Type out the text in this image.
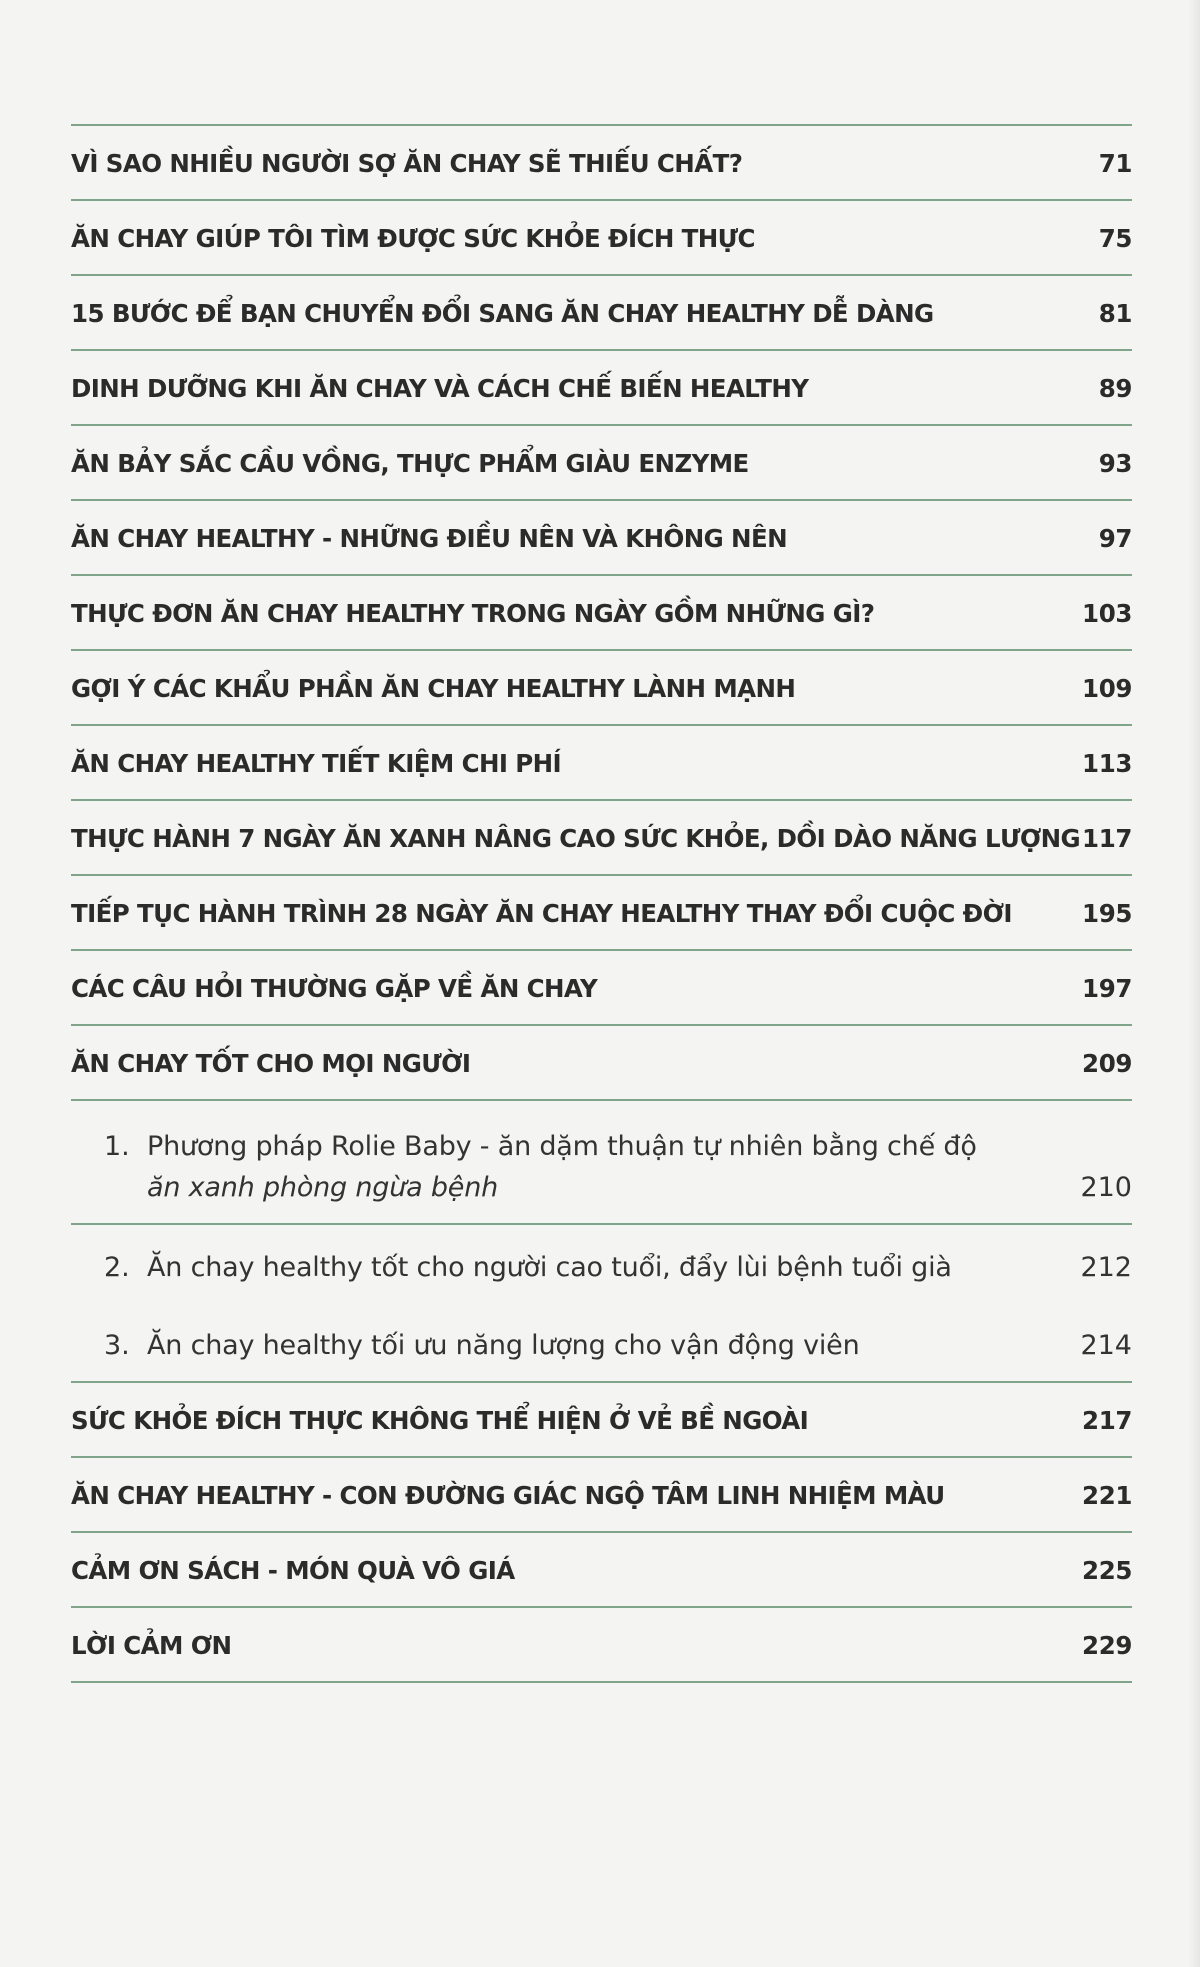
VÌ SAO NHIỀU NGƯỜI SỢ ĂN CHAY SẼ THIẾU CHẤT?	71
ĂN CHAY GIÚP TÔI TÌM ĐƯỢC SỨC KHỎE ĐÍCH THỰC	75
15 BƯỚC ĐỂ BẠN CHUYỂN ĐỔI SANG ĂN CHAY HEALTHY DỄ DÀNG	81
DINH DƯỠNG KHI ĂN CHAY VÀ CÁCH CHẾ BIẾN HEALTHY	89
ĂN BẢY SẮC CẦU VỒNG, THỰC PHẨM GIÀU ENZYME	93
ĂN CHAY HEALTHY - NHỮNG ĐIỀU NÊN VÀ KHÔNG NÊN	97
THỰC ĐƠN ĂN CHAY HEALTHY TRONG NGÀY GỒM NHỮNG GÌ?	103
GỢI Ý CÁC KHẨU PHẦN ĂN CHAY HEALTHY LÀNH MẠNH	109
ĂN CHAY HEALTHY TIẾT KIỆM CHI PHÍ	113
THỰC HÀNH 7 NGÀY ĂN XANH NÂNG CAO SỨC KHỎE, DỒI DÀO NĂNG LƯỢNG 117
TIẾP TỤC HÀNH TRÌNH 28 NGÀY ĂN CHAY HEALTHY THAY ĐỔI CUỘC ĐỜI	195
CÁC CÂU HỎI THƯỜNG GẶP VỀ ĂN CHAY	197
ĂN CHAY TỐT CHO MỌI NGƯỜI	209
1. Phương pháp Rolie Baby - ăn dặm thuận tự nhiên bằng chế độ
ăn xanh phòng ngừa bệnh	210
2. Ăn chay healthy tốt cho người cao tuổi, đẩy lùi bệnh tuổi già	212
3. Ăn chay healthy tối ưu năng lượng cho vận động viên	214
SỨC KHỎE ĐÍCH THỰC KHÔNG THỂ HIỆN Ở VẺ BỀ NGOÀI	217
ĂN CHAY HEALTHY - CON ĐƯỜNG GIÁC NGỘ TÂM LINH NHIỆM MÀU	221
CẢM ƠN SÁCH - MÓN QUÀ VÔ GIÁ	225
LỜI CẢM ƠN	229
